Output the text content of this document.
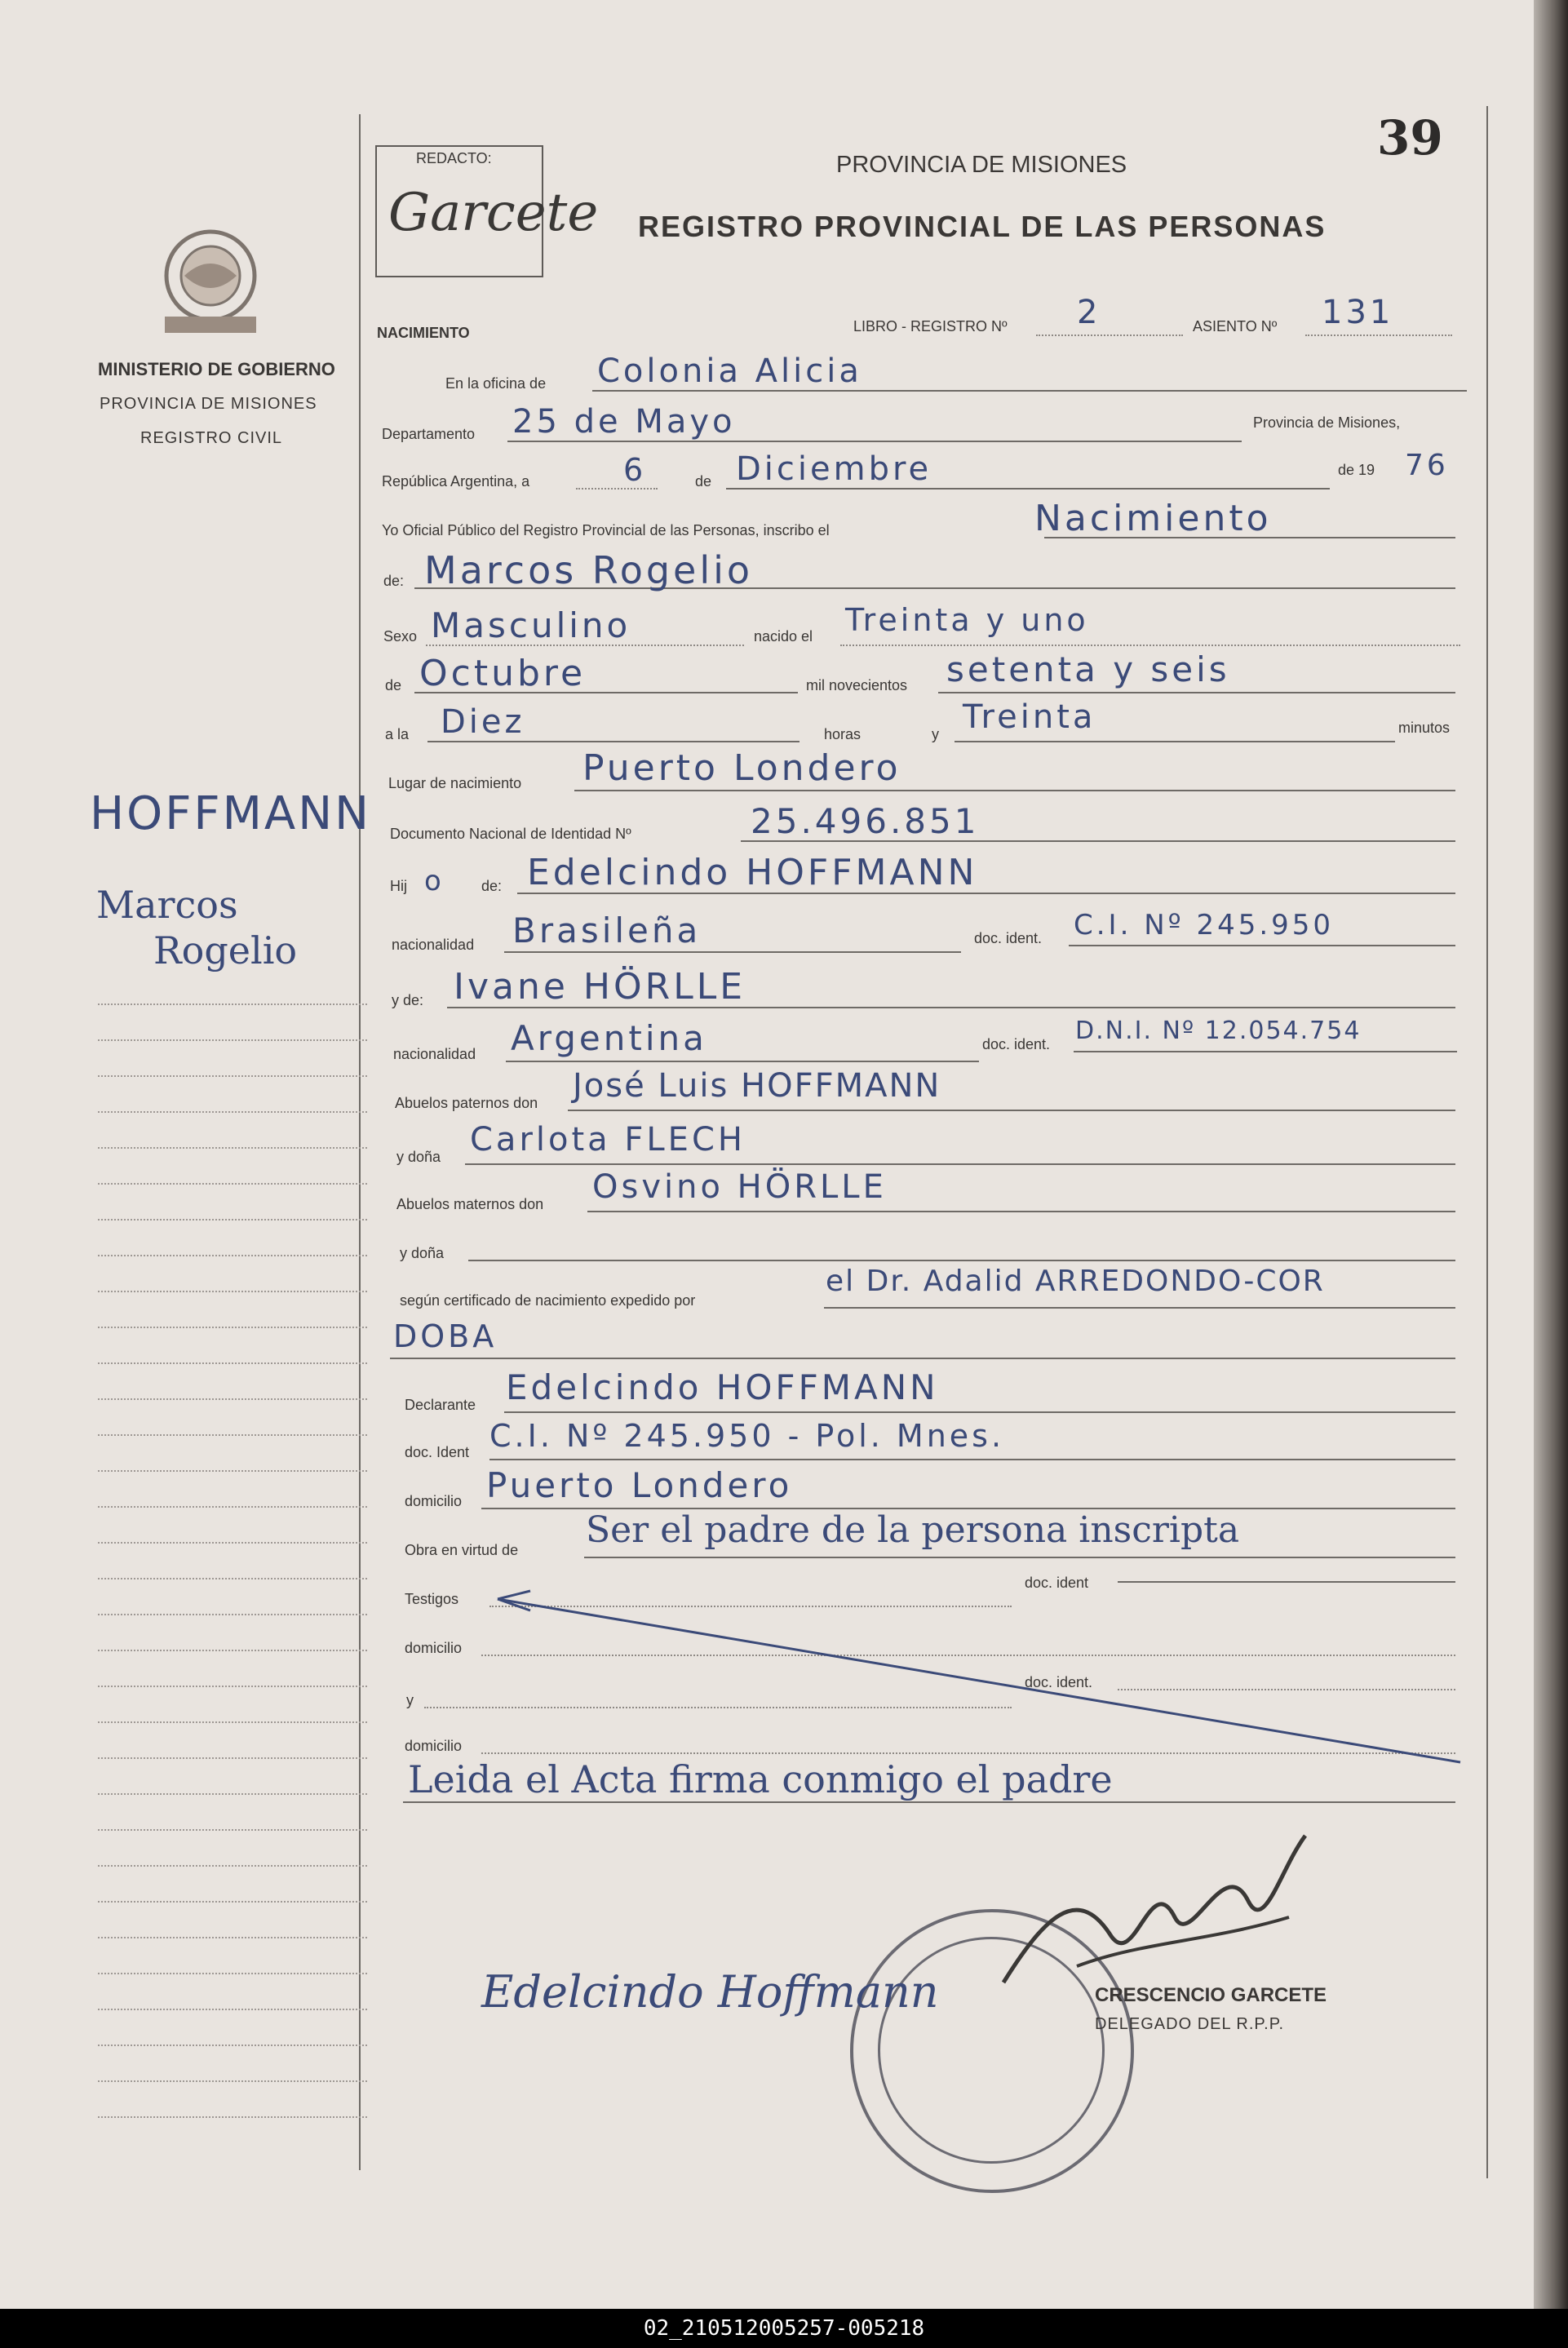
39
REDACTO:
Garcete
PROVINCIA DE MISIONES
REGISTRO PROVINCIAL DE LAS PERSONAS
MINISTERIO DE GOBIERNO
PROVINCIA DE MISIONES
REGISTRO CIVIL
HOFFMANN
Marcos
Rogelio
NACIMIENTO	LIBRO - REGISTRO Nº 2	ASIENTO Nº 131
En la oficina de Colonia Alicia
Departamento 25 de Mayo	Provincia de Misiones,
República Argentina, a	6	de Diciembre	de 19 76
Yo Oficial Público del Registro Provincial de las Personas, inscribo el	Nacimiento
de: Marcos Rogelio
Sexo Masculino	nacido el Treinta y uno
de Octubre	mil novecientos setenta y seis
a la Diez	horas	y Treinta	minutos
Lugar de nacimiento Puerto Londero
Documento Nacional de Identidad Nº	25.496.851
Hij o	de: Edelcindo HOFFMANN
nacionalidad Brasileña	doc. ident. C.I. Nº 245.950
y de: Ivane HÖRLLE
nacionalidad Argentina	doc. ident. D.N.I. Nº 12.054.754
Abuelos paternos don José Luis HOFFMANN
y doña Carlota FLECH
Abuelos maternos don Osvino HÖRLLE
y doña
según certificado de nacimiento expedido por
el Dr. Adalid ARREDONDO-COR
DOBA
Declarante Edelcindo HOFFMANN
doc. Ident C.I. Nº 245.950 - Pol. Mnes.
domicilio Puerto Londero
Obra en virtud de Ser el padre de la persona inscripta
Testigos
doc. ident
domicilio
y
doc. ident.
domicilio
Leida el Acta firma conmigo el padre
Edelcindo Hoffmann	CRESCENCIO GARCETE
DELEGADO DEL R.P.P.
02_210512005257-005218
